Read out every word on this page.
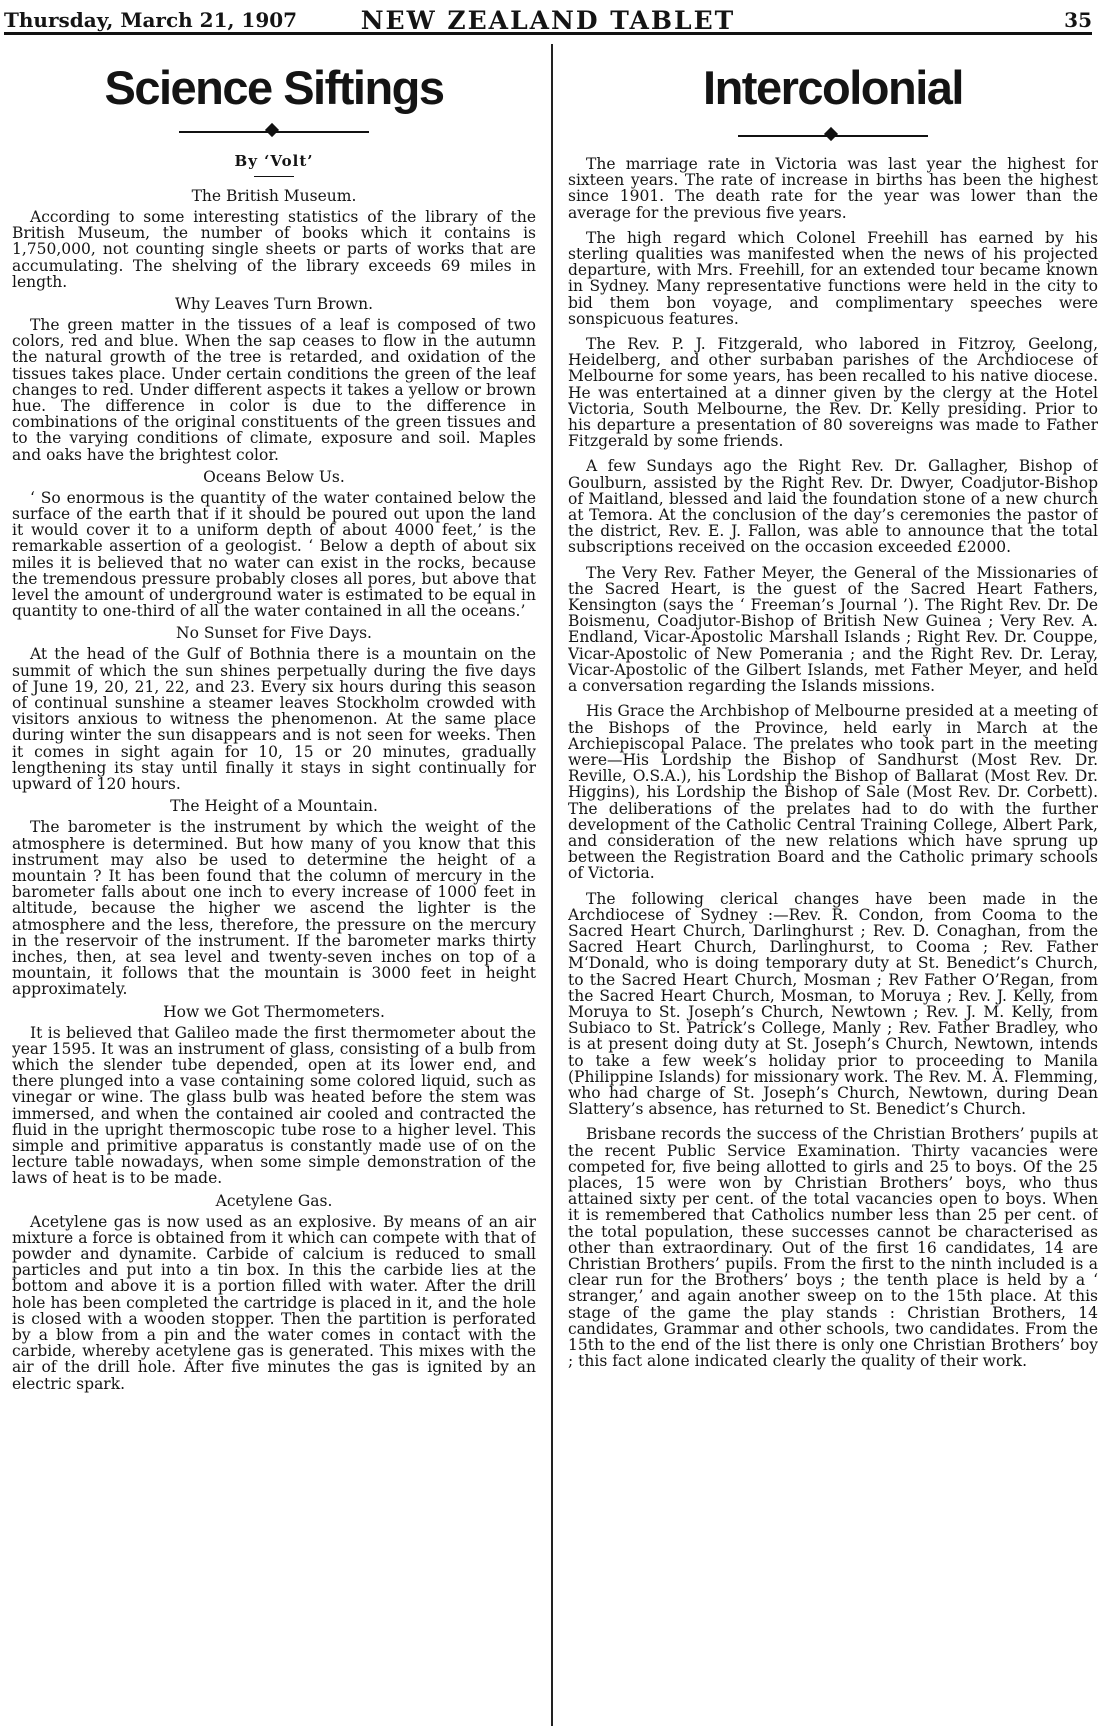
Thursday, March 21, 1907	NEW ZEALAND TABLET	35
Science Siftings
By ‘Volt’
The British Museum.

According to some interesting statistics of the library of the British Museum, the number of books which it contains is 1,750,000, not counting single sheets or parts of works that are accumulating. The shelving of the library exceeds 69 miles in length.

Why Leaves Turn Brown.

The green matter in the tissues of a leaf is composed of two colors, red and blue. When the sap ceases to flow in the autumn the natural growth of the tree is retarded, and oxidation of the tissues takes place. Under certain conditions the green of the leaf changes to red. Under different aspects it takes a yellow or brown hue. The difference in color is due to the difference in combinations of the original constituents of the green tissues and to the varying conditions of climate, exposure and soil. Maples and oaks have the brightest color.

Oceans Below Us.

‘ So enormous is the quantity of the water contained below the surface of the earth that if it should be poured out upon the land it would cover it to a uniform depth of about 4000 feet,’ is the remarkable assertion of a geologist. ‘ Below a depth of about six miles it is believed that no water can exist in the rocks, because the tremendous pressure probably closes all pores, but above that level the amount of underground water is estimated to be equal in quantity to one-third of all the water contained in all the oceans.’

No Sunset for Five Days.

At the head of the Gulf of Bothnia there is a mountain on the summit of which the sun shines perpetually during the five days of June 19, 20, 21, 22, and 23. Every six hours during this season of continual sunshine a steamer leaves Stockholm crowded with visitors anxious to witness the phenomenon. At the same place during winter the sun disappears and is not seen for weeks. Then it comes in sight again for 10, 15 or 20 minutes, gradually lengthening its stay until finally it stays in sight continually for upward of 120 hours.

The Height of a Mountain.

The barometer is the instrument by which the weight of the atmosphere is determined. But how many of you know that this instrument may also be used to determine the height of a mountain ? It has been found that the column of mercury in the barometer falls about one inch to every increase of 1000 feet in altitude, because the higher we ascend the lighter is the atmosphere and the less, therefore, the pressure on the mercury in the reservoir of the instrument. If the barometer marks thirty inches, then, at sea level and twenty-seven inches on top of a mountain, it follows that the mountain is 3000 feet in height approximately.

How we Got Thermometers.

It is believed that Galileo made the first thermometer about the year 1595. It was an instrument of glass, consisting of a bulb from which the slender tube depended, open at its lower end, and there plunged into a vase containing some colored liquid, such as vinegar or wine. The glass bulb was heated before the stem was immersed, and when the contained air cooled and contracted the fluid in the upright thermoscopic tube rose to a higher level. This simple and primitive apparatus is constantly made use of on the lecture table nowadays, when some simple demonstration of the laws of heat is to be made.

Acetylene Gas.

Acetylene gas is now used as an explosive. By means of an air mixture a force is obtained from it which can compete with that of powder and dynamite. Carbide of calcium is reduced to small particles and put into a tin box. In this the carbide lies at the bottom and above it is a portion filled with water. After the drill hole has been completed the cartridge is placed in it, and the hole is closed with a wooden stopper. Then the partition is perforated by a blow from a pin and the water comes in contact with the carbide, whereby acetylene gas is generated. This mixes with the air of the drill hole. After five minutes the gas is ignited by an electric spark.

Intercolonial

The marriage rate in Victoria was last year the highest for sixteen years. The rate of increase in births has been the highest since 1901. The death rate for the year was lower than the average for the previous five years.

The high regard which Colonel Freehill has earned by his sterling qualities was manifested when the news of his projected departure, with Mrs. Freehill, for an extended tour became known in Sydney. Many representative functions were held in the city to bid them bon voyage, and complimentary speeches were sonspicuous features.

The Rev. P. J. Fitzgerald, who labored in Fitzroy, Geelong, Heidelberg, and other surbaban parishes of the Archdiocese of Melbourne for some years, has been recalled to his native diocese. He was entertained at a dinner given by the clergy at the Hotel Victoria, South Melbourne, the Rev. Dr. Kelly presiding. Prior to his departure a presentation of 80 sovereigns was made to Father Fitzgerald by some friends.

A few Sundays ago the Right Rev. Dr. Gallagher, Bishop of Goulburn, assisted by the Right Rev. Dr. Dwyer, Coadjutor-Bishop of Maitland, blessed and laid the foundation stone of a new church at Temora. At the conclusion of the day’s ceremonies the pastor of the district, Rev. E. J. Fallon, was able to announce that the total subscriptions received on the occasion exceeded £2000.

The Very Rev. Father Meyer, the General of the Missionaries of the Sacred Heart, is the guest of the Sacred Heart Fathers, Kensington (says the ‘ Freeman’s Journal ’). The Right Rev. Dr. De Boismenu, Coadjutor-Bishop of British New Guinea ; Very Rev. A. Endland, Vicar-Apostolic Marshall Islands ; Right Rev. Dr. Couppe, Vicar-Apostolic of New Pomerania ; and the Right Rev. Dr. Leray, Vicar-Apostolic of the Gilbert Islands, met Father Meyer, and held a conversation regarding the Islands missions.

His Grace the Archbishop of Melbourne presided at a meeting of the Bishops of the Province, held early in March at the Archiepiscopal Palace. The prelates who took part in the meeting were—His Lordship the Bishop of Sandhurst (Most Rev. Dr. Reville, O.S.A.), his Lordship the Bishop of Ballarat (Most Rev. Dr. Higgins), his Lordship the Bishop of Sale (Most Rev. Dr. Corbett). The deliberations of the prelates had to do with the further development of the Catholic Central Training College, Albert Park, and consideration of the new relations which have sprung up between the Registration Board and the Catholic primary schools of Victoria.

The following clerical changes have been made in the Archdiocese of Sydney :—Rev. R. Condon, from Cooma to the Sacred Heart Church, Darlinghurst ; Rev. D. Conaghan, from the Sacred Heart Church, Darlinghurst, to Cooma ; Rev. Father M‘Donald, who is doing temporary duty at St. Benedict’s Church, to the Sacred Heart Church, Mosman ; Rev Father O’Regan, from the Sacred Heart Church, Mosman, to Moruya ; Rev. J. Kelly, from Moruya to St. Joseph’s Church, Newtown ; Rev. J. M. Kelly, from Subiaco to St. Patrick’s College, Manly ; Rev. Father Bradley, who is at present doing duty at St. Joseph’s Church, Newtown, intends to take a few week’s holiday prior to proceeding to Manila (Philippine Islands) for missionary work. The Rev. M. A. Flemming, who had charge of St. Joseph’s Church, Newtown, during Dean Slattery’s absence, has returned to St. Benedict’s Church.

Brisbane records the success of the Christian Brothers’ pupils at the recent Public Service Examination. Thirty vacancies were competed for, five being allotted to girls and 25 to boys. Of the 25 places, 15 were won by Christian Brothers’ boys, who thus attained sixty per cent. of the total vacancies open to boys. When it is remembered that Catholics number less than 25 per cent. of the total population, these successes cannot be characterised as other than extraordinary. Out of the first 16 candidates, 14 are Christian Brothers’ pupils. From the first to the ninth included is a clear run for the Brothers’ boys ; the tenth place is held by a ‘ stranger,’ and again another sweep on to the 15th place. At this stage of the game the play stands : Christian Brothers, 14 candidates, Grammar and other schools, two candidates. From the 15th to the end of the list there is only one Christian Brothers’ boy ; this fact alone indicated clearly the quality of their work.
